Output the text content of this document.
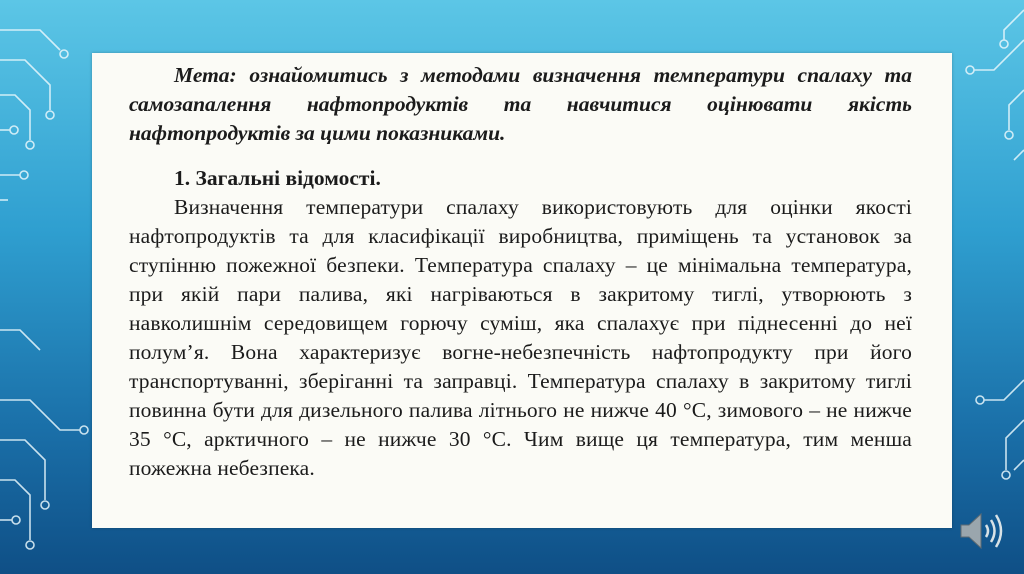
Мета: ознайомитись з методами визначення температури спалаху та самозапалення нафтопродуктів та навчитися оцінювати якість нафтопродуктів за цими показниками.

1. Загальні відомості.

Визначення температури спалаху використовують для оцінки якості нафтопродуктів та для класифікації виробництва, приміщень та установок за ступінню пожежної безпеки. Температура спалаху – це мінімальна температура, при якій пари палива, які нагріваються в закритому тиглі, утворюють з навколишнім середовищем горючу суміш, яка спалахує при піднесенні до неї полум’я. Вона характеризує вогне-небезпечність нафтопродукту при його транспортуванні, зберіганні та заправці. Температура спалаху в закритому тиглі повинна бути для дизельного палива літнього не нижче 40 °С, зимового – не нижче 35 °С, арктичного – не нижче 30 °С. Чим вище ця температура, тим менша пожежна небезпека.
